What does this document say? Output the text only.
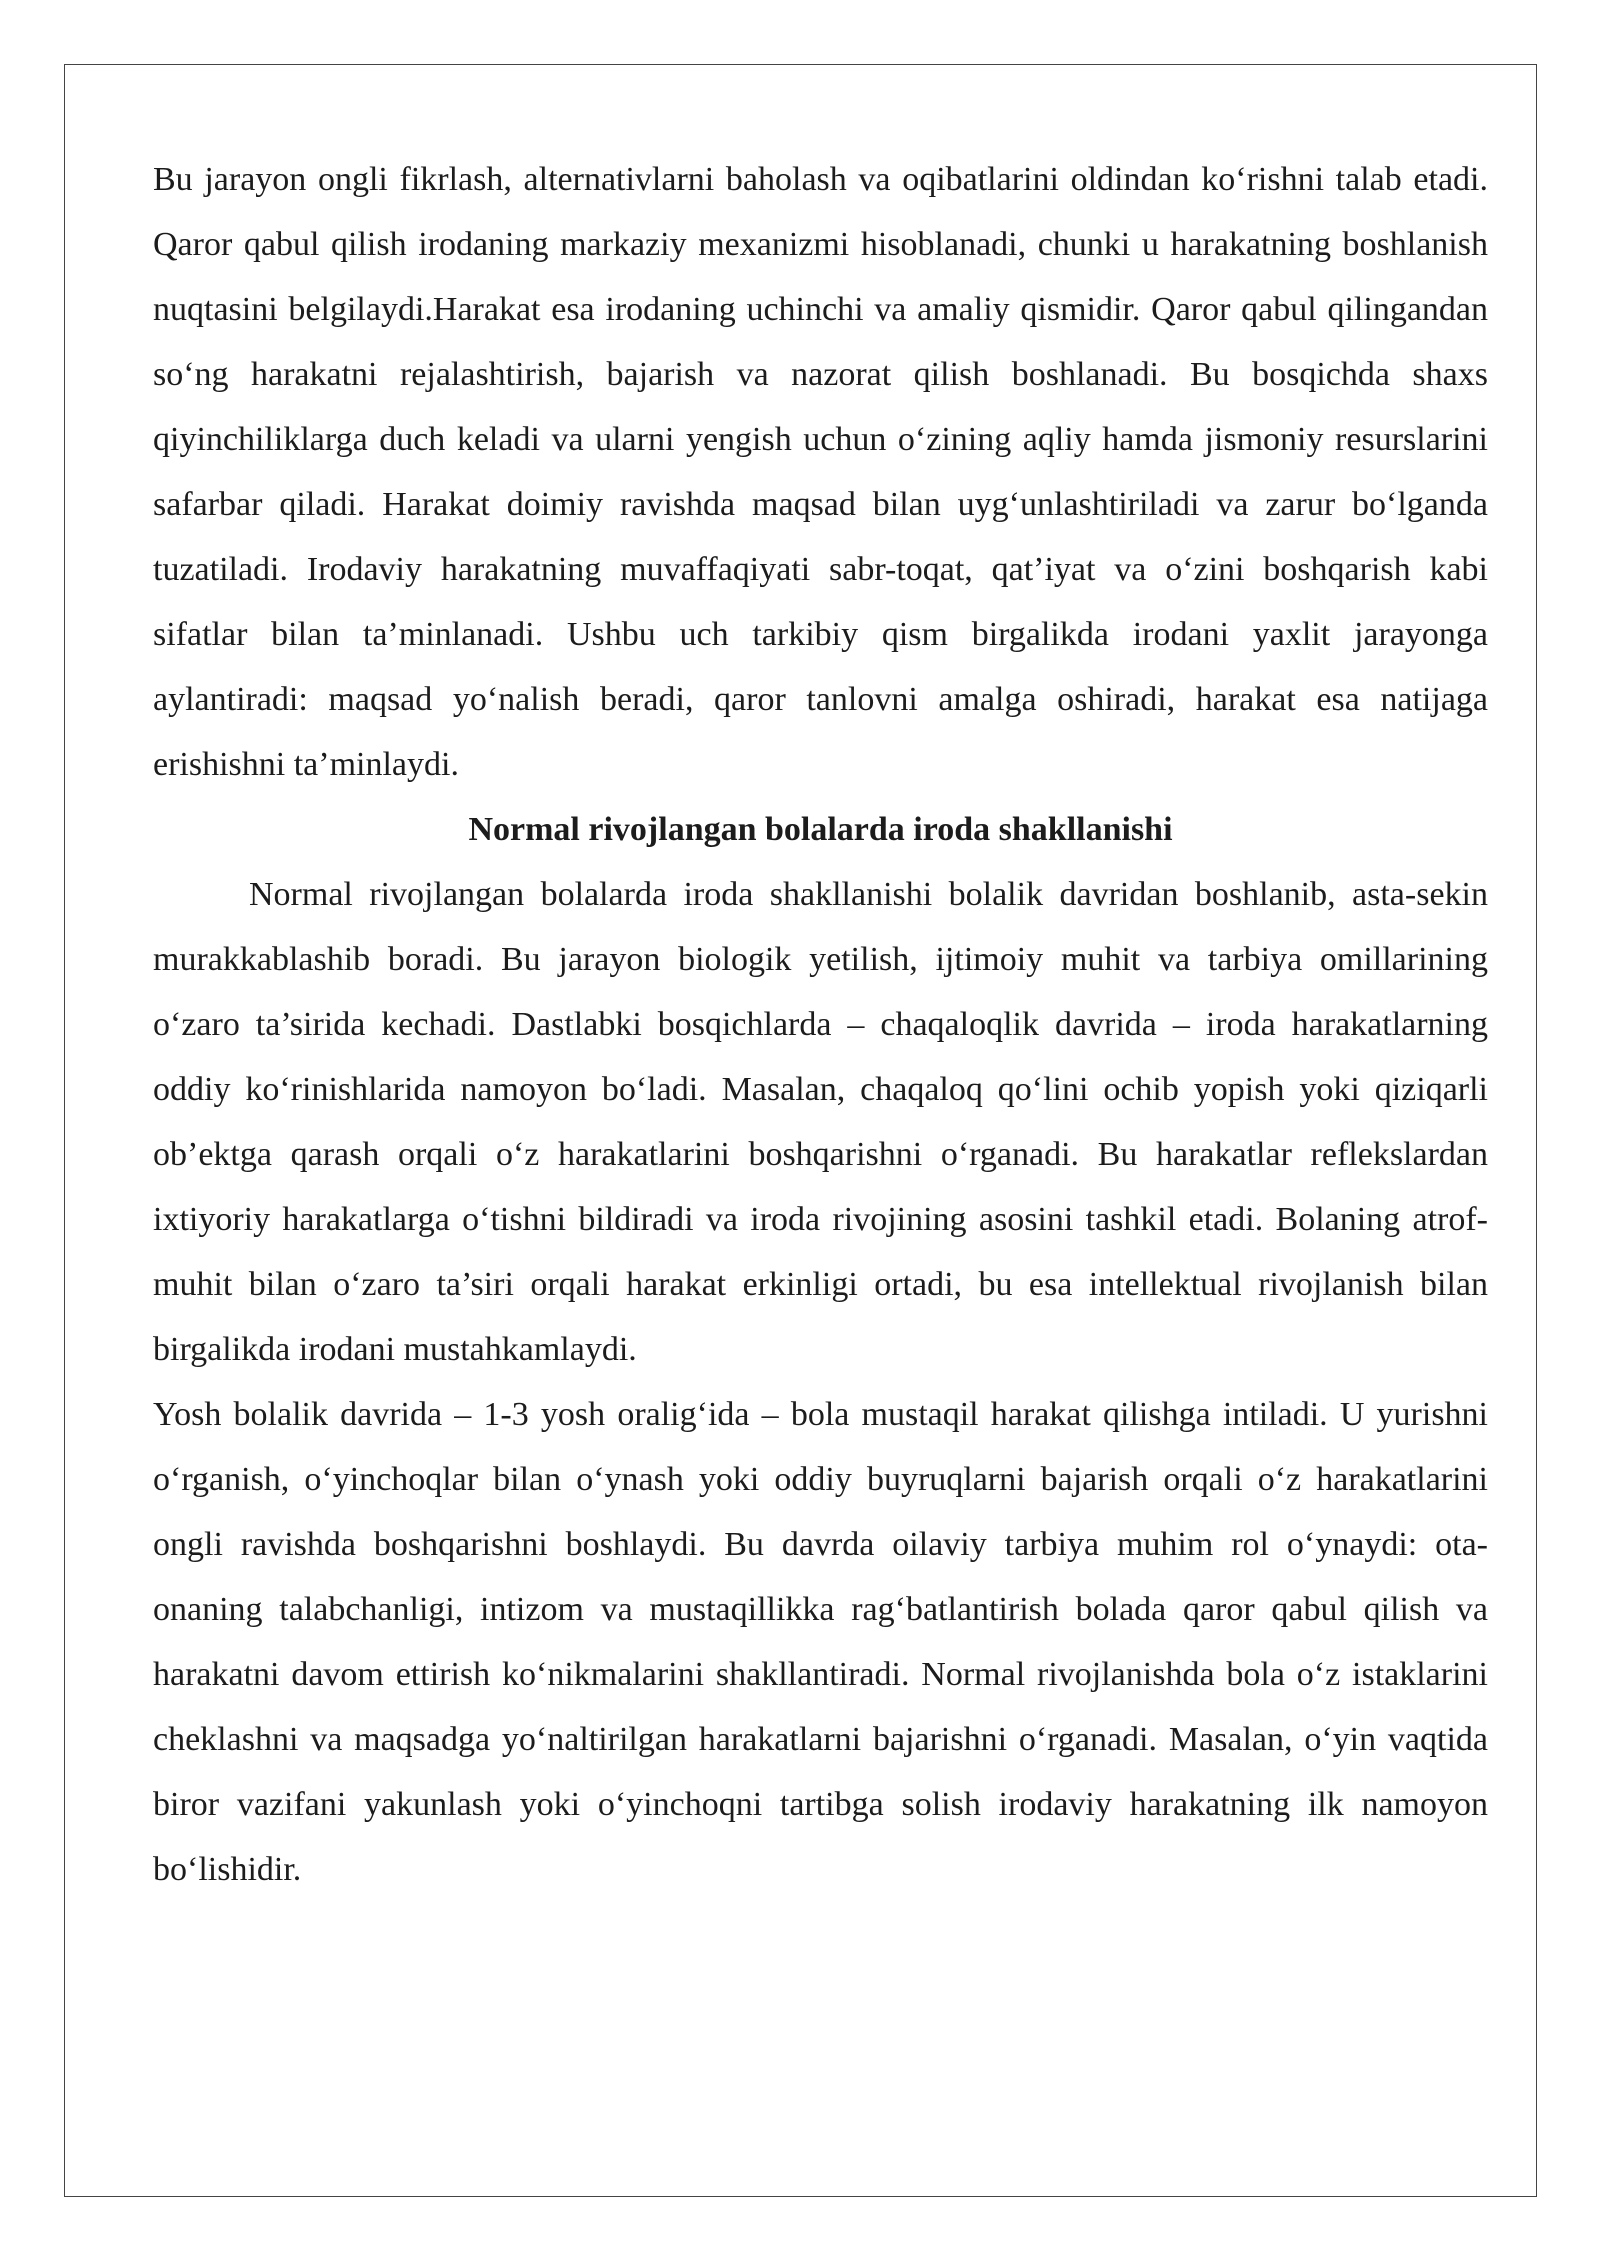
Bu jarayon ongli fikrlash, alternativlarni baholash va oqibatlarini oldindan ko‘rishni talab etadi. Qaror qabul qilish irodaning markaziy mexanizmi hisoblanadi, chunki u harakatning boshlanish nuqtasini belgilaydi.Harakat esa irodaning uchinchi va amaliy qismidir. Qaror qabul qilingandan so‘ng harakatni rejalashtirish, bajarish va nazorat qilish boshlanadi. Bu bosqichda shaxs qiyinchiliklarga duch keladi va ularni yengish uchun o‘zining aqliy hamda jismoniy resurslarini safarbar qiladi. Harakat doimiy ravishda maqsad bilan uyg‘unlashtiriladi va zarur bo‘lganda tuzatiladi. Irodaviy harakatning muvaffaqiyati sabr-toqat, qat’iyat va o‘zini boshqarish kabi sifatlar bilan ta’minlanadi. Ushbu uch tarkibiy qism birgalikda irodani yaxlit jarayonga aylantiradi: maqsad yo‘nalish beradi, qaror tanlovni amalga oshiradi, harakat esa natijaga erishishni ta’minlaydi.

Normal rivojlangan bolalarda iroda shakllanishi

Normal rivojlangan bolalarda iroda shakllanishi bolalik davridan boshlanib, asta-sekin murakkablashib boradi. Bu jarayon biologik yetilish, ijtimoiy muhit va tarbiya omillarining o‘zaro ta’sirida kechadi. Dastlabki bosqichlarda – chaqaloqlik davrida – iroda harakatlarning oddiy ko‘rinishlarida namoyon bo‘ladi. Masalan, chaqaloq qo‘lini ochib yopish yoki qiziqarli ob’ektga qarash orqali o‘z harakatlarini boshqarishni o‘rganadi. Bu harakatlar reflekslardan ixtiyoriy harakatlarga o‘tishni bildiradi va iroda rivojining asosini tashkil etadi. Bolaning atrof-muhit bilan o‘zaro ta’siri orqali harakat erkinligi ortadi, bu esa intellektual rivojlanish bilan birgalikda irodani mustahkamlaydi.

Yosh bolalik davrida – 1-3 yosh oralig‘ida – bola mustaqil harakat qilishga intiladi. U yurishni o‘rganish, o‘yinchoqlar bilan o‘ynash yoki oddiy buyruqlarni bajarish orqali o‘z harakatlarini ongli ravishda boshqarishni boshlaydi. Bu davrda oilaviy tarbiya muhim rol o‘ynaydi: ota-onaning talabchanligi, intizom va mustaqillikka rag‘batlantirish bolada qaror qabul qilish va harakatni davom ettirish ko‘nikmalarini shakllantiradi. Normal rivojlanishda bola o‘z istaklarini cheklashni va maqsadga yo‘naltirilgan harakatlarni bajarishni o‘rganadi. Masalan, o‘yin vaqtida biror vazifani yakunlash yoki o‘yinchoqni tartibga solish irodaviy harakatning ilk namoyon bo‘lishidir.
